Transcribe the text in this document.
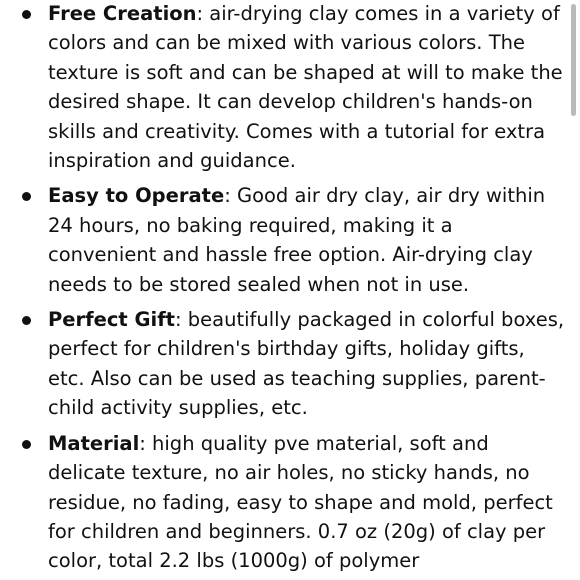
Free Creation: air-drying clay comes in a variety of colors and can be mixed with various colors. The texture is soft and can be shaped at will to make the desired shape. It can develop children's hands-on skills and creativity. Comes with a tutorial for extra inspiration and guidance.
Easy to Operate: Good air dry clay, air dry within 24 hours, no baking required, making it a convenient and hassle free option. Air-drying clay needs to be stored sealed when not in use.
Perfect Gift: beautifully packaged in colorful boxes, perfect for children's birthday gifts, holiday gifts, etc. Also can be used as teaching supplies, parent-child activity supplies, etc.
Material: high quality pve material, soft and delicate texture, no air holes, no sticky hands, no residue, no fading, easy to shape and mold, perfect for children and beginners. 0.7 oz (20g) of clay per color, total 2.2 lbs (1000g) of polymer
